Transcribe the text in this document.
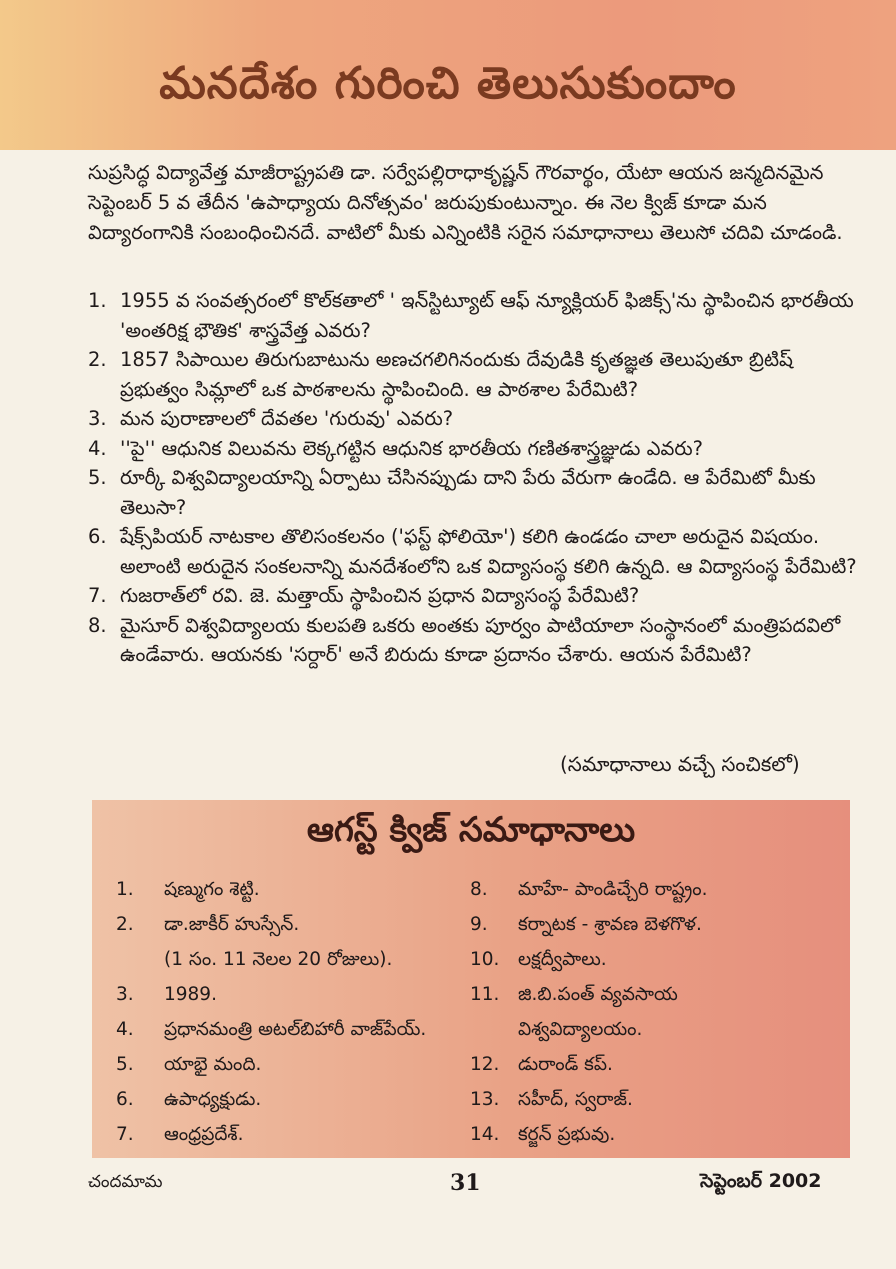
మనదేశం గురించి తెలుసుకుందాం
సుప్రసిద్ధ విద్యావేత్త మాజీరాష్ట్రపతి డా. సర్వేపల్లిరాధాకృష్ణన్ గౌరవార్థం, యేటా ఆయన జన్మదినమైన సెప్టెంబర్ 5 వ తేదీన 'ఉపాధ్యాయ దినోత్సవం' జరుపుకుంటున్నాం. ఈ నెల క్విజ్ కూడా మన విద్యారంగానికి సంబంధించినదే. వాటిలో మీకు ఎన్నింటికి సరైన సమాధానాలు తెలుసో చదివి చూడండి.
1. 1955 వ సంవత్సరంలో కొల్‌కతాలో ' ఇన్‌స్టిట్యూట్ ఆఫ్ న్యూక్లియర్ ఫిజిక్స్'ను స్థాపించిన భారతీయ 'అంతరిక్ష భౌతిక' శాస్త్రవేత్త ఎవరు?
2. 1857 సిపాయిల తిరుగుబాటును అణచగలిగినందుకు దేవుడికి కృతజ్ఞత తెలుపుతూ బ్రిటిష్ ప్రభుత్వం సిమ్లాలో ఒక పాఠశాలను స్థాపించింది. ఆ పాఠశాల పేరేమిటి?
3. మన పురాణాలలో దేవతల 'గురువు' ఎవరు?
4. ''పై'' ఆధునిక విలువను లెక్కగట్టిన ఆధునిక భారతీయ గణితశాస్త్రజ్ఞుడు ఎవరు?
5. రూర్కీ విశ్వవిద్యాలయాన్ని ఏర్పాటు చేసినప్పుడు దాని పేరు వేరుగా ఉండేది. ఆ పేరేమిటో మీకు తెలుసా?
6. షేక్స్‌పియర్ నాటకాల తొలిసంకలనం ('ఫస్ట్ ఫోలియో') కలిగి ఉండడం చాలా అరుదైన విషయం. అలాంటి అరుదైన సంకలనాన్ని మనదేశంలోని ఒక విద్యాసంస్థ కలిగి ఉన్నది. ఆ విద్యాసంస్థ పేరేమిటి?
7. గుజరాత్‌లో రవి. జె. మత్తాయ్ స్థాపించిన ప్రధాన విద్యాసంస్థ పేరేమిటి?
8. మైసూర్ విశ్వవిద్యాలయ కులపతి ఒకరు అంతకు పూర్వం పాటియాలా సంస్థానంలో మంత్రిపదవిలో ఉండేవారు. ఆయనకు 'సర్దార్' అనే బిరుదు కూడా ప్రదానం చేశారు. ఆయన పేరేమిటి?
(సమాధానాలు వచ్చే సంచికలో)
ఆగస్ట్ క్విజ్ సమాధానాలు
1. షణ్ముగం శెట్టి.
2. డా.జాకీర్ హుస్సేన్.
(1 సం. 11 నెలల 20 రోజులు).
3. 1989.
4. ప్రధానమంత్రి అటల్‌బిహారీ వాజ్‌పేయ్.
5. యాభై మంది.
6. ఉపాధ్యక్షుడు.
7. ఆంధ్రప్రదేశ్.
8. మాహే- పాండిచ్చేరి రాష్ట్రం.
9. కర్నాటక - శ్రావణ బెళగొళ.
10. లక్షద్వీపాలు.
11. జి.బి.పంత్ వ్యవసాయ
విశ్వవిద్యాలయం.
12. డురాండ్ కప్.
13. సహీద్, స్వరాజ్.
14. కర్జన్ ప్రభువు.
చందమామ	31	సెప్టెంబర్ 2002
